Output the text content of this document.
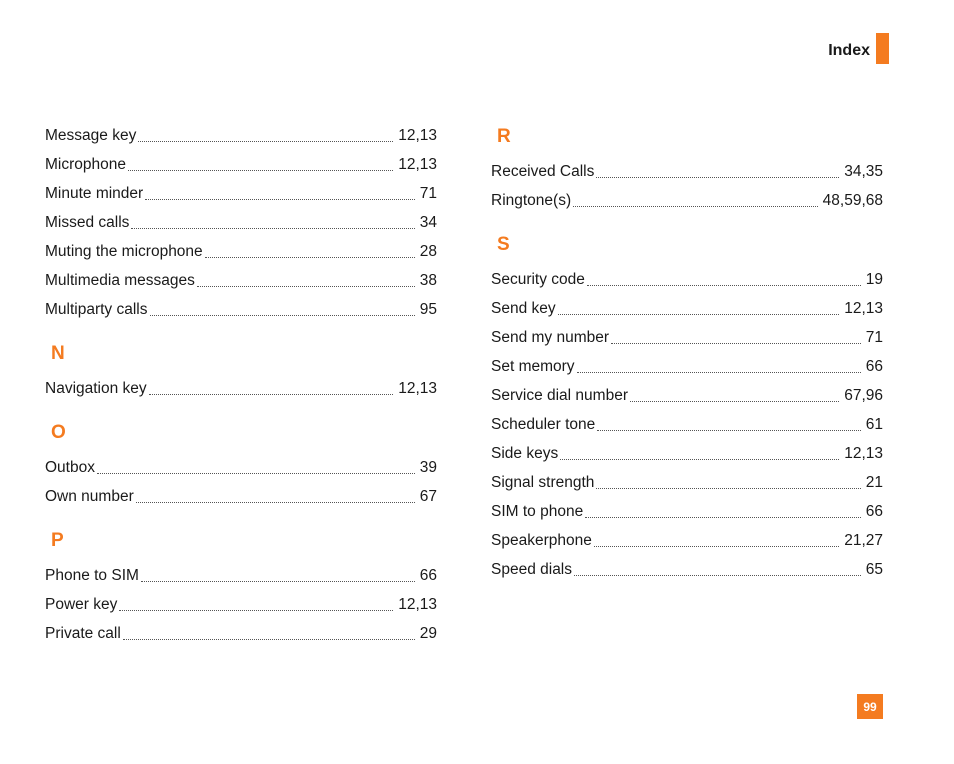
Index
Message key	12,13
Microphone	12,13
Minute minder	71
Missed calls	34
Muting the microphone	28
Multimedia messages	38
Multiparty calls	95
N
Navigation key	12,13
O
Outbox	39
Own number	67
P
Phone to SIM	66
Power key	12,13
Private call	29
R
Received Calls	34,35
Ringtone(s)	48,59,68
S
Security code	19
Send key	12,13
Send my number	71
Set memory	66
Service dial number	67,96
Scheduler tone	61
Side keys	12,13
Signal strength	21
SIM to phone	66
Speakerphone	21,27
Speed dials	65
99
